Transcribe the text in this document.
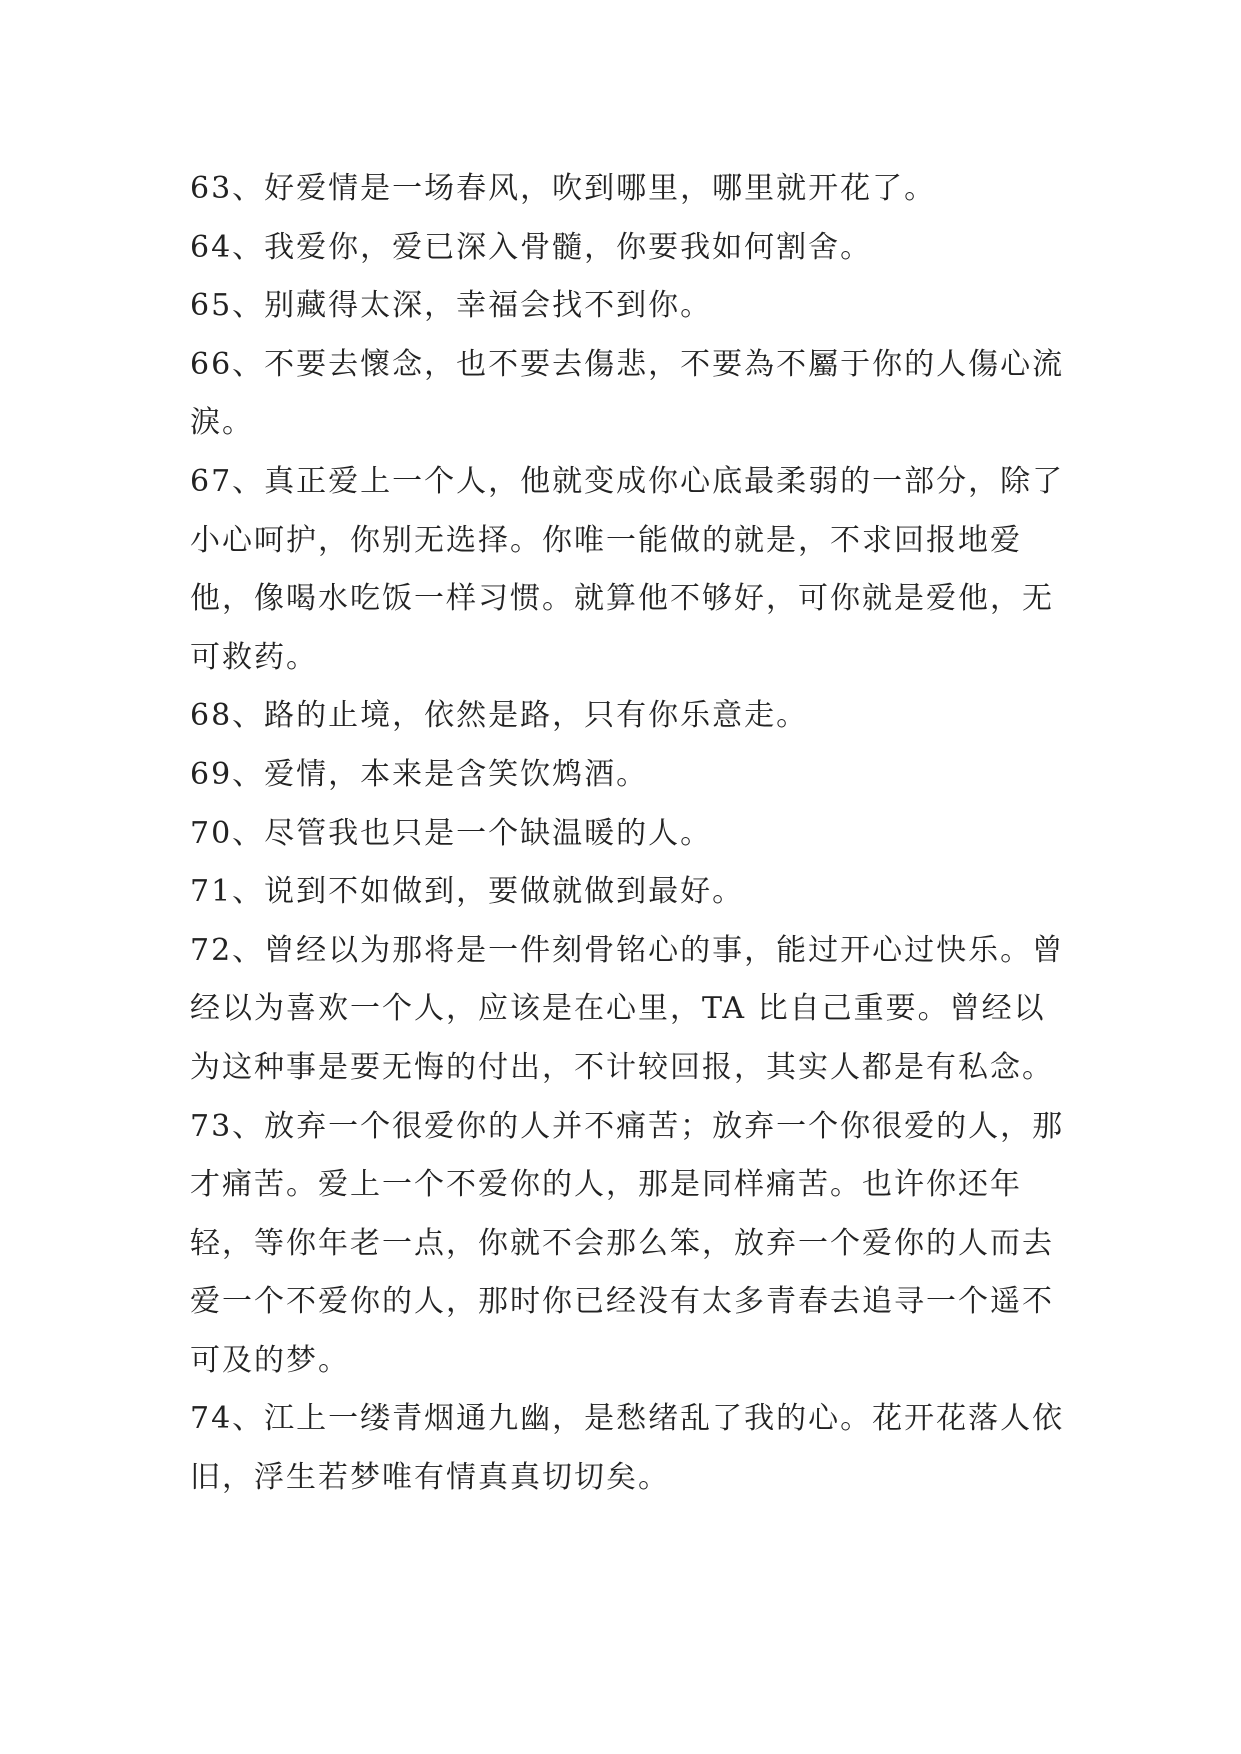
63、好爱情是一场春风，吹到哪里，哪里就开花了。

64、我爱你，爱已深入骨髓，你要我如何割舍。

65、别藏得太深，幸福会找不到你。

66、不要去懷念，也不要去傷悲，不要為不屬于你的人傷心流淚。

67、真正爱上一个人，他就变成你心底最柔弱的一部分，除了小心呵护，你别无选择。你唯一能做的就是，不求回报地爱他，像喝水吃饭一样习惯。就算他不够好，可你就是爱他，无可救药。

68、路的止境，依然是路，只有你乐意走。

69、爱情，本来是含笑饮鸩酒。

70、尽管我也只是一个缺温暖的人。

71、说到不如做到，要做就做到最好。

72、曾经以为那将是一件刻骨铭心的事，能过开心过快乐。曾经以为喜欢一个人，应该是在心里，TA 比自己重要。曾经以为这种事是要无悔的付出，不计较回报，其实人都是有私念。

73、放弃一个很爱你的人并不痛苦；放弃一个你很爱的人，那才痛苦。爱上一个不爱你的人，那是同样痛苦。也许你还年轻，等你年老一点，你就不会那么笨，放弃一个爱你的人而去爱一个不爱你的人，那时你已经没有太多青春去追寻一个遥不可及的梦。

74、江上一缕青烟通九幽，是愁绪乱了我的心。花开花落人依旧，浮生若梦唯有情真真切切矣。
